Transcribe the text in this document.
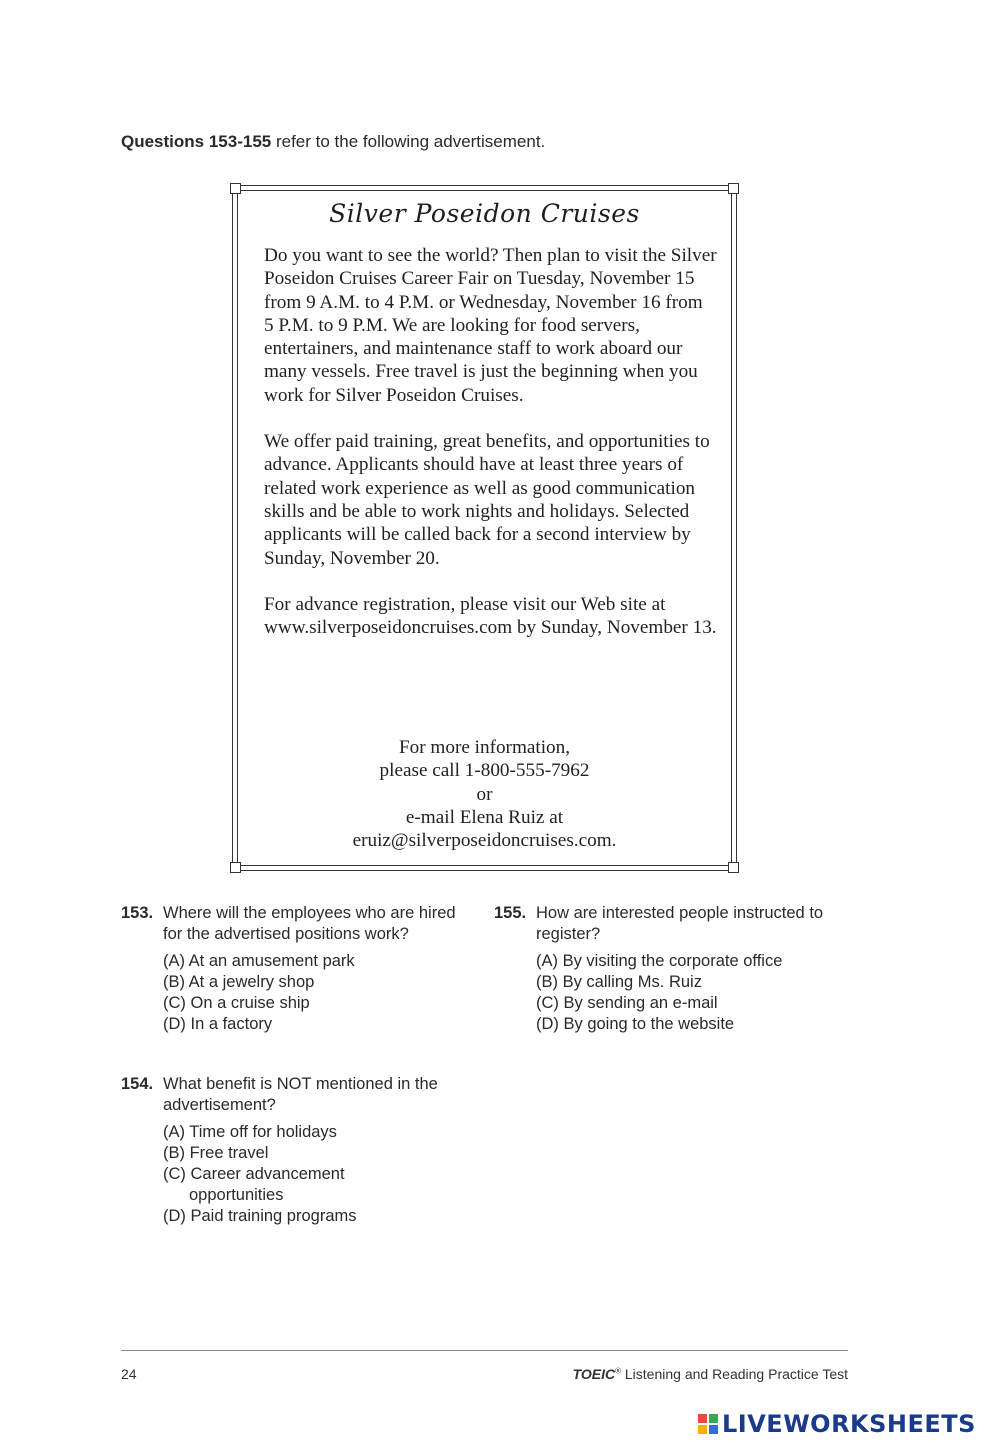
Questions 153-155 refer to the following advertisement.
Silver Poseidon Cruises

Do you want to see the world? Then plan to visit the Silver Poseidon Cruises Career Fair on Tuesday, November 15 from 9 A.M. to 4 P.M. or Wednesday, November 16 from 5 P.M. to 9 P.M. We are looking for food servers, entertainers, and maintenance staff to work aboard our many vessels. Free travel is just the beginning when you work for Silver Poseidon Cruises.

We offer paid training, great benefits, and opportunities to advance. Applicants should have at least three years of related work experience as well as good communication skills and be able to work nights and holidays. Selected applicants will be called back for a second interview by Sunday, November 20.

For advance registration, please visit our Web site at www.silverposeidoncruises.com by Sunday, November 13.

For more information,
please call 1-800-555-7962
or
e-mail Elena Ruiz at
eruiz@silverposeidoncruises.com.
153. Where will the employees who are hired for the advertised positions work?
(A) At an amusement park
(B) At a jewelry shop
(C) On a cruise ship
(D) In a factory
154. What benefit is NOT mentioned in the advertisement?
(A) Time off for holidays
(B) Free travel
(C) Career advancement
opportunities
(D) Paid training programs
155. How are interested people instructed to register?
(A) By visiting the corporate office
(B) By calling Ms. Ruiz
(C) By sending an e-mail
(D) By going to the website
24	TOEIC® Listening and Reading Practice Test
LIVEWORKSHEETS
